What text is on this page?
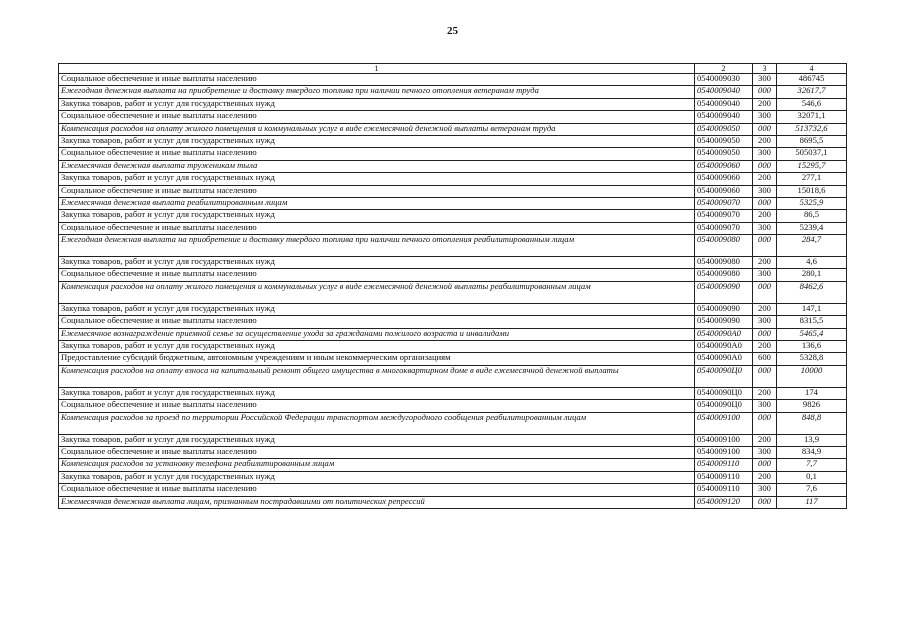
25
1	2	3	4
Социальное обеспечение и иные выплаты населению	0540009030	300	486745
Ежегодная денежная выплата на приобретение и доставку твердого топлива при наличии печного отопления ветеранам труда	0540009040	000	32617,7
Закупка товаров, работ и услуг для государственных нужд	0540009040	200	546,6
Социальное обеспечение и иные выплаты населению	0540009040	300	32071,1
Компенсация расходов на оплату жилого помещения и коммунальных услуг в виде ежемесячной денежной выплаты ветеранам труда	0540009050	000	513732,6
Закупка товаров, работ и услуг для государственных нужд	0540009050	200	8695,5
Социальное обеспечение и иные выплаты населению	0540009050	300	505037,1
Ежемесячная денежная выплата труженикам тыла	0540009060	000	15295,7
Закупка товаров, работ и услуг для государственных нужд	0540009060	200	277,1
Социальное обеспечение и иные выплаты населению	0540009060	300	15018,6
Ежемесячная денежная выплата реабилитированным лицам	0540009070	000	5325,9
Закупка товаров, работ и услуг для государственных нужд	0540009070	200	86,5
Социальное обеспечение и иные выплаты населению	0540009070	300	5239,4
Ежегодная денежная выплата на приобретение и доставку твердого топлива при наличии печного отопления реабилитированным лицам	0540009080	000	284,7
Закупка товаров, работ и услуг для государственных нужд	0540009080	200	4,6
Социальное обеспечение и иные выплаты населению	0540009080	300	280,1
Компенсация расходов на оплату жилого помещения и коммунальных услуг в виде ежемесячной денежной выплаты реабилитированным лицам	0540009090	000	8462,6
Закупка товаров, работ и услуг для государственных нужд	0540009090	200	147,1
Социальное обеспечение и иные выплаты населению	0540009090	300	8315,5
Ежемесячное вознаграждение приемной семье за осуществление ухода за гражданами пожилого возраста и инвалидами	05400090А0	000	5465,4
Закупка товаров, работ и услуг для государственных нужд	05400090А0	200	136,6
Предоставление субсидий бюджетным, автономным учреждениям и иным некоммерческим организациям	05400090А0	600	5328,8
Компенсация расходов на оплату взноса на капитальный ремонт общего имущества в многоквартирном доме в виде ежемесячной денежной выплаты	05400090Ц0	000	10000
Закупка товаров, работ и услуг для государственных нужд	05400090Ц0	200	174
Социальное обеспечение и иные выплаты населению	05400090Ц0	300	9826
Компенсация расходов за проезд по территории Российской Федерации транспортом междугородного сообщения реабилитированным лицам	0540009100	000	848,8
Закупка товаров, работ и услуг для государственных нужд	0540009100	200	13,9
Социальное обеспечение и иные выплаты населению	0540009100	300	834,9
Компенсация расходов за установку телефона реабилитированным лицам	0540009110	000	7,7
Закупка товаров, работ и услуг для государственных нужд	0540009110	200	0,1
Социальное обеспечение и иные выплаты населению	0540009110	300	7,6
Ежемесячная денежная выплата лицам, признанным пострадавшими от политических репрессий	0540009120	000	117
